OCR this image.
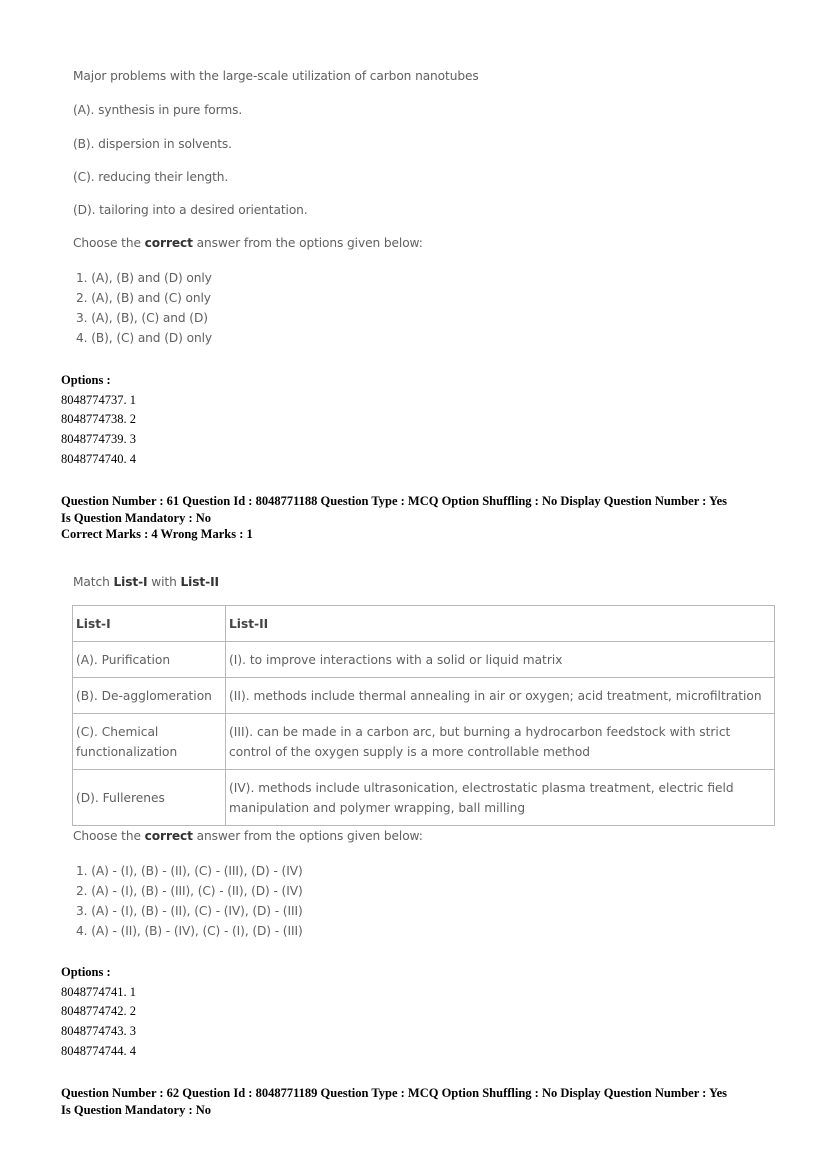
Major problems with the large-scale utilization of carbon nanotubes
(A). synthesis in pure forms.
(B). dispersion in solvents.
(C). reducing their length.
(D). tailoring into a desired orientation.
Choose the correct answer from the options given below:
1. (A), (B) and (D) only
2. (A), (B) and (C) only
3. (A), (B), (C) and (D)
4. (B), (C) and (D) only
Options :
8048774737. 1
8048774738. 2
8048774739. 3
8048774740. 4
Question Number : 61 Question Id : 8048771188 Question Type : MCQ Option Shuffling : No Display Question Number : Yes
Is Question Mandatory : No
Correct Marks : 4 Wrong Marks : 1
Match List-I with List-II
List-I	List-II
(A). Purification	(I). to improve interactions with a solid or liquid matrix
(B). De-agglomeration	(II). methods include thermal annealing in air or oxygen; acid treatment, microfiltration
(C). Chemical functionalization	(III). can be made in a carbon arc, but burning a hydrocarbon feedstock with strict control of the oxygen supply is a more controllable method
(D). Fullerenes	(IV). methods include ultrasonication, electrostatic plasma treatment, electric field manipulation and polymer wrapping, ball milling
Choose the correct answer from the options given below:
1. (A) - (I), (B) - (II), (C) - (III), (D) - (IV)
2. (A) - (I), (B) - (III), (C) - (II), (D) - (IV)
3. (A) - (I), (B) - (II), (C) - (IV), (D) - (III)
4. (A) - (II), (B) - (IV), (C) - (I), (D) - (III)
Options :
8048774741. 1
8048774742. 2
8048774743. 3
8048774744. 4
Question Number : 62 Question Id : 8048771189 Question Type : MCQ Option Shuffling : No Display Question Number : Yes
Is Question Mandatory : No
